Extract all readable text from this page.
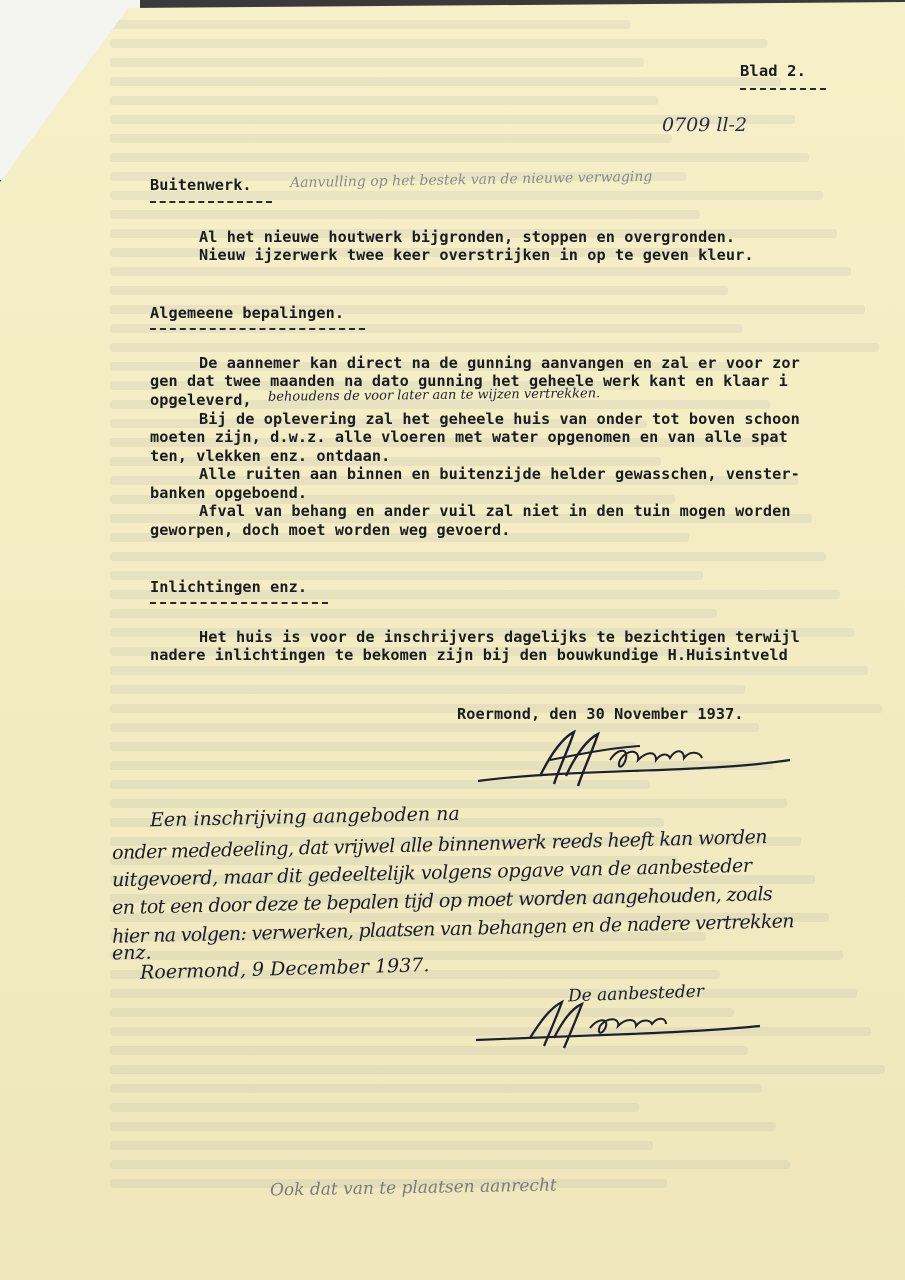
Blad 2.
0709 ll-2
Aanvulling op het bestek van de nieuwe verwaging
Buitenwerk.
Al het nieuwe houtwerk bijgronden, stoppen en overgronden.
Nieuw ijzerwerk twee keer overstrijken in op te geven kleur.
Algemeene bepalingen.
De aannemer kan direct na de gunning aanvangen en zal er voor zor
gen dat twee maanden na dato gunning het geheele werk kant en klaar i
opgeleverd, behoudens de voor later aan te wijzen vertrekken.
Bij de oplevering zal het geheele huis van onder tot boven schoon
moeten zijn, d.w.z. alle vloeren met water opgenomen en van alle spat
ten, vlekken enz. ontdaan.
Alle ruiten aan binnen en buitenzijde helder gewasschen, venster-
banken opgeboend.
Afval van behang en ander vuil zal niet in den tuin mogen worden
geworpen, doch moet worden weg gevoerd.
Inlichtingen enz.
Het huis is voor de inschrijvers dagelijks te bezichtigen terwijl
nadere inlichtingen te bekomen zijn bij den bouwkundige H.Huisintveld
Roermond, den 30 November 1937.
Een inschrijving aangeboden na
onder mededeeling, dat vrijwel alle binnenwerk reeds heeft kan worden
uitgevoerd, maar dit gedeeltelijk volgens opgave van de aanbesteder
en tot een door deze te bepalen tijd op moet worden aangehouden, zoals
hier na volgen: verwerken, plaatsen van behangen en de nadere vertrekken
enz.
Roermond, 9 December 1937.
De aanbesteder
Ook dat van te plaatsen aanrecht
